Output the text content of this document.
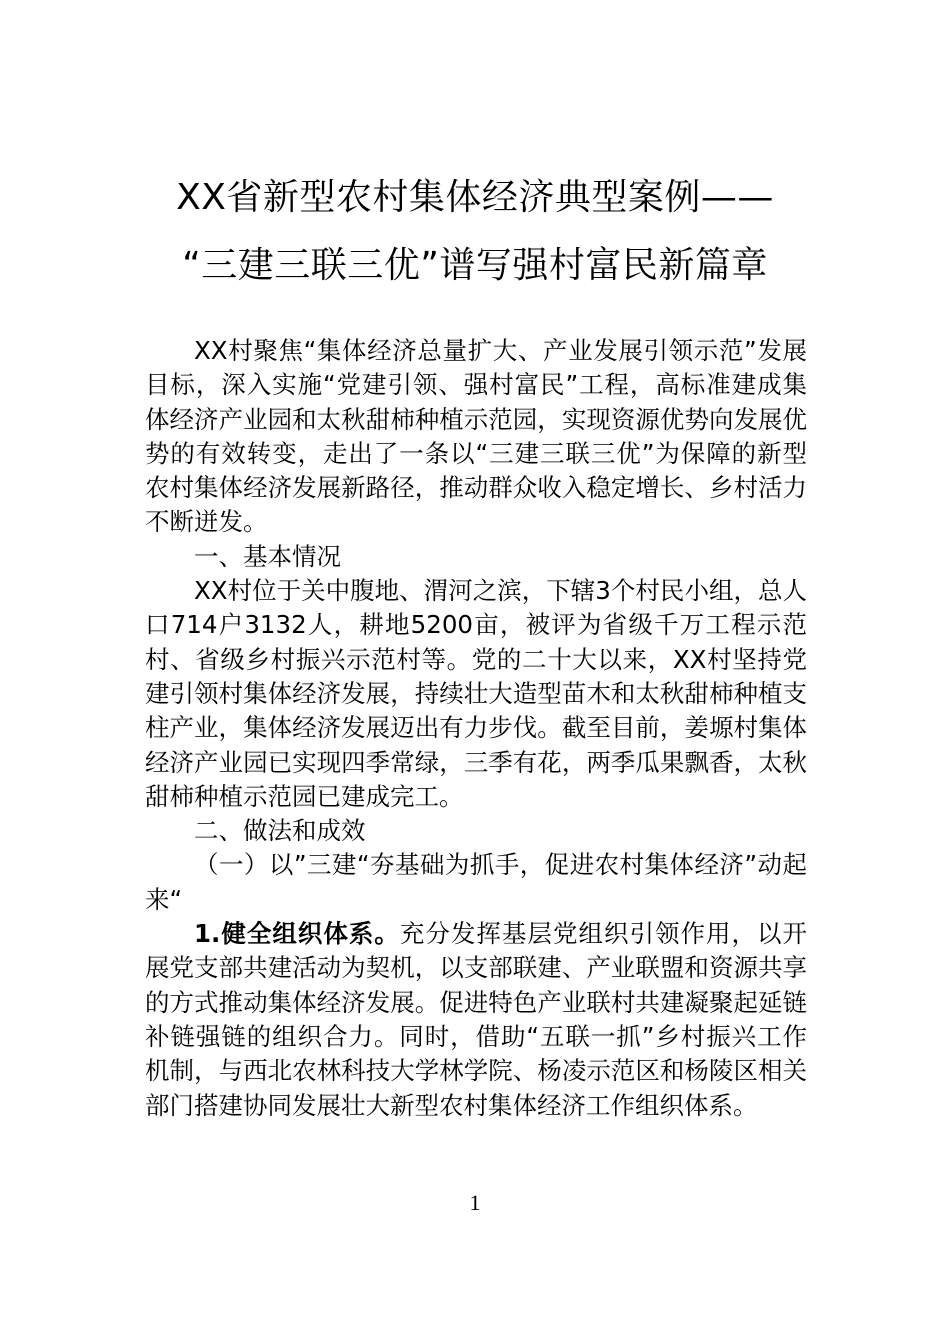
XX省新型农村集体经济典型案例——
“三建三联三优”谱写强村富民新篇章

XX村聚焦“集体经济总量扩大、产业发展引领示范”发展目标，深入实施“党建引领、强村富民”工程，高标准建成集体经济产业园和太秋甜柿种植示范园，实现资源优势向发展优势的有效转变，走出了一条以“三建三联三优”为保障的新型农村集体经济发展新路径，推动群众收入稳定增长、乡村活力不断迸发。

一、基本情况

XX村位于关中腹地、渭河之滨，下辖3个村民小组，总人口714户3132人，耕地5200亩，被评为省级千万工程示范村、省级乡村振兴示范村等。党的二十大以来，XX村坚持党建引领村集体经济发展，持续壮大造型苗木和太秋甜柿种植支柱产业，集体经济发展迈出有力步伐。截至目前，姜塬村集体经济产业园已实现四季常绿，三季有花，两季瓜果飘香，太秋甜柿种植示范园已建成完工。

二、做法和成效

（一）以”三建“夯基础为抓手，促进农村集体经济”动起来“

1.健全组织体系。充分发挥基层党组织引领作用，以开展党支部共建活动为契机，以支部联建、产业联盟和资源共享的方式推动集体经济发展。促进特色产业联村共建凝聚起延链补链强链的组织合力。同时，借助“五联一抓”乡村振兴工作机制，与西北农林科技大学林学院、杨凌示范区和杨陵区相关部门搭建协同发展壮大新型农村集体经济工作组织体系。

1
